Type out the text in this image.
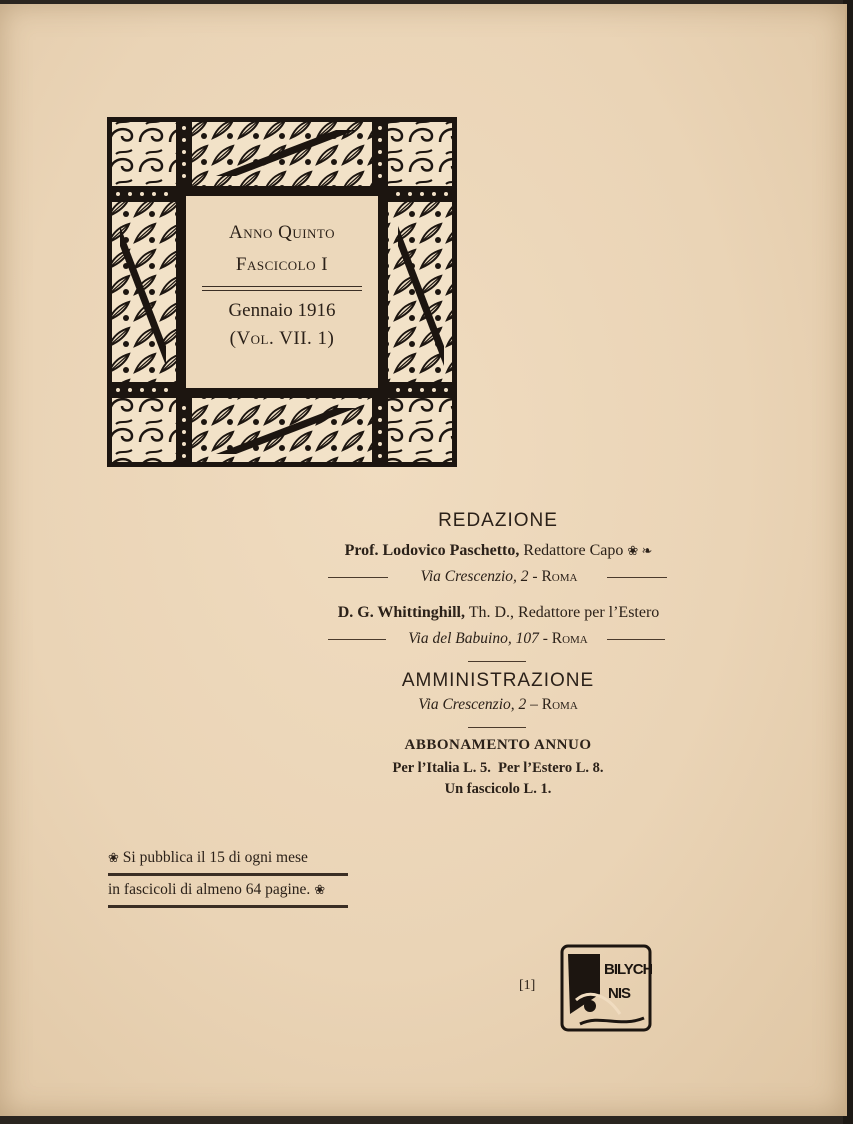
Anno Quinto
Fascicolo I
Gennaio 1916
(Vol. VII. 1)
REDAZIONE
Prof. Lodovico Paschetto, Redattore Capo ❀ ❧
Via Crescenzio, 2 - Roma
D. G. Whittinghill, Th. D., Redattore per l’Estero
Via del Babuino, 107 - Roma
AMMINISTRAZIONE
Via Crescenzio, 2 – Roma
ABBONAMENTO ANNUO
Per l’Italia L. 5.  Per l’Estero L. 8.
Un fascicolo L. 1.
❀ Si pubblica il 15 di ogni mese
in fascicoli di almeno 64 pagine. ❀
[1]
BILYCH
NIS
